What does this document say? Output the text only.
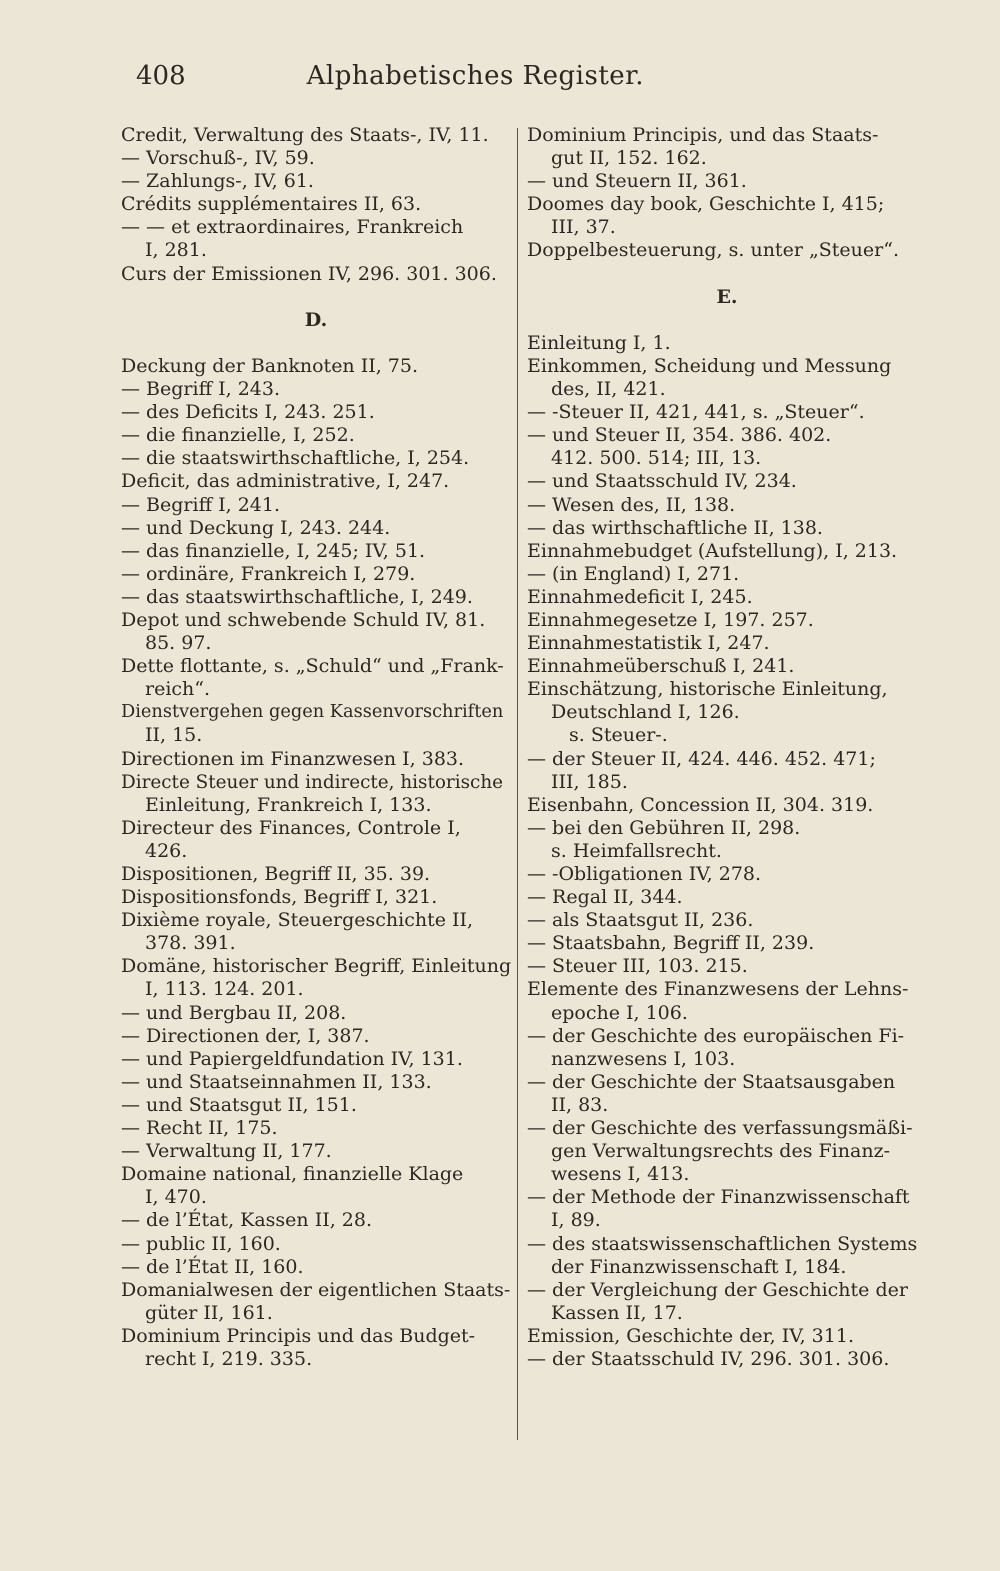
408	Alphabetisches Register.
Credit, Verwaltung des Staats-, IV, 11.
— Vorschuß-, IV, 59.
— Zahlungs-, IV, 61.
Crédits supplémentaires II, 63.
— — et extraordinaires, Frankreich
I, 281.
Curs der Emissionen IV, 296. 301. 306.
D.
Deckung der Banknoten II, 75.
— Begriff I, 243.
— des Deficits I, 243. 251.
— die finanzielle, I, 252.
— die staatswirthschaftliche, I, 254.
Deficit, das administrative, I, 247.
— Begriff I, 241.
— und Deckung I, 243. 244.
— das finanzielle, I, 245; IV, 51.
— ordinäre, Frankreich I, 279.
— das staatswirthschaftliche, I, 249.
Depot und schwebende Schuld IV, 81.
85. 97.
Dette flottante, s. „Schuld“ und „Frank-
reich“.
Dienstvergehen gegen Kassenvorschriften
II, 15.
Directionen im Finanzwesen I, 383.
Directe Steuer und indirecte, historische
Einleitung, Frankreich I, 133.
Directeur des Finances, Controle I,
426.
Dispositionen, Begriff II, 35. 39.
Dispositionsfonds, Begriff I, 321.
Dixième royale, Steuergeschichte II,
378. 391.
Domäne, historischer Begriff, Einleitung
I, 113. 124. 201.
— und Bergbau II, 208.
— Directionen der, I, 387.
— und Papiergeldfundation IV, 131.
— und Staatseinnahmen II, 133.
— und Staatsgut II, 151.
— Recht II, 175.
— Verwaltung II, 177.
Domaine national, finanzielle Klage
I, 470.
— de l’État, Kassen II, 28.
— public II, 160.
— de l’État II, 160.
Domanialwesen der eigentlichen Staats-
güter II, 161.
Dominium Principis und das Budget-
recht I, 219. 335.
Dominium Principis, und das Staats-
gut II, 152. 162.
— und Steuern II, 361.
Doomes day book, Geschichte I, 415;
III, 37.
Doppelbesteuerung, s. unter „Steuer“.
E.
Einleitung I, 1.
Einkommen, Scheidung und Messung
des, II, 421.
— -Steuer II, 421, 441, s. „Steuer“.
— und Steuer II, 354. 386. 402.
412. 500. 514; III, 13.
— und Staatsschuld IV, 234.
— Wesen des, II, 138.
— das wirthschaftliche II, 138.
Einnahmebudget (Aufstellung), I, 213.
— (in England) I, 271.
Einnahmedeficit I, 245.
Einnahmegesetze I, 197. 257.
Einnahmestatistik I, 247.
Einnahmeüberschuß I, 241.
Einschätzung, historische Einleitung,
Deutschland I, 126.
s. Steuer-.
— der Steuer II, 424. 446. 452. 471;
III, 185.
Eisenbahn, Concession II, 304. 319.
— bei den Gebühren II, 298.
s. Heimfallsrecht.
— -Obligationen IV, 278.
— Regal II, 344.
— als Staatsgut II, 236.
— Staatsbahn, Begriff II, 239.
— Steuer III, 103. 215.
Elemente des Finanzwesens der Lehns-
epoche I, 106.
— der Geschichte des europäischen Fi-
nanzwesens I, 103.
— der Geschichte der Staatsausgaben
II, 83.
— der Geschichte des verfassungsmäßi-
gen Verwaltungsrechts des Finanz-
wesens I, 413.
— der Methode der Finanzwissenschaft
I, 89.
— des staatswissenschaftlichen Systems
der Finanzwissenschaft I, 184.
— der Vergleichung der Geschichte der
Kassen II, 17.
Emission, Geschichte der, IV, 311.
— der Staatsschuld IV, 296. 301. 306.
